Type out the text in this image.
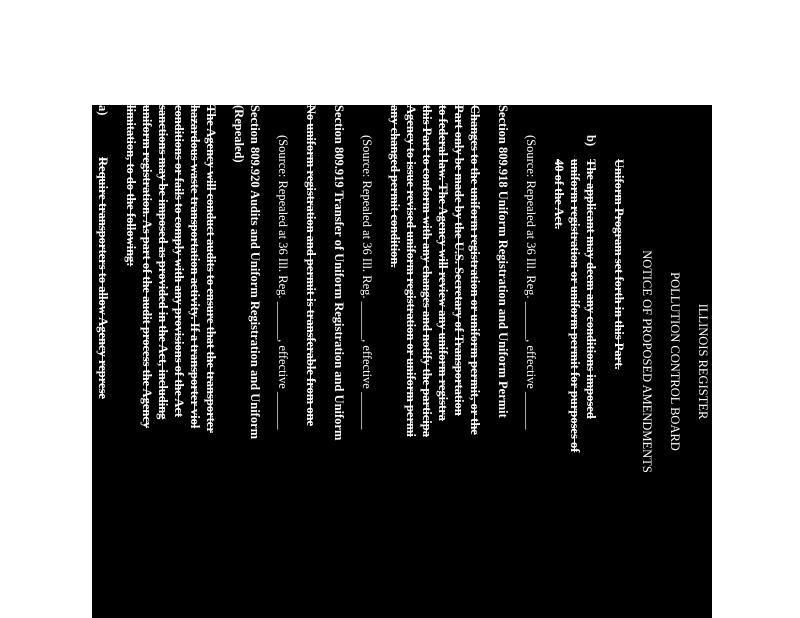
ILLINOIS REGISTER
POLLUTION CONTROL BOARD
NOTICE OF PROPOSED AMENDMENTS
Uniform Program set forth in this Part.
b)
The applicant may deem any conditions imposed
uniform registration or uniform permit for purposes of
40 of the Act.
(Source: Repealed at 36 Ill. Reg. ______, effective ______
Section 809.918 Uniform Registration and Uniform Permit
Changes to the uniform registration or uniform permit, or the
Part only be made by the U.S. Secretary of Transportation
to federal law. The Agency will review any uniform registra
this Part to conform with any changes and notify the participa
Agency to issue revised uniform registration or uniform permi
any changed permit condition.
(Source: Repealed at 36 Ill. Reg. ______, effective ______
Section 809.919 Transfer of Uniform Registration and Uniform
No uniform registration and permit is transferable from one
(Source: Repealed at 36 Ill. Reg. ______, effective ______
Section 809.920 Audits and Uniform Registration and Uniform
(Repealed)
The Agency will conduct audits to ensure that the transporter
hazardous waste transportation activity. If a transporter viol
conditions or fails to comply with any provisions of the Act
sanctions may be imposed as provided in the Act, including
uniform registration. As part of the audit process the Agency
limitation, to do the following:
a)
Require transporters to allow Agency represe
commercial vehicle or facility operated by the
waste in this State;
